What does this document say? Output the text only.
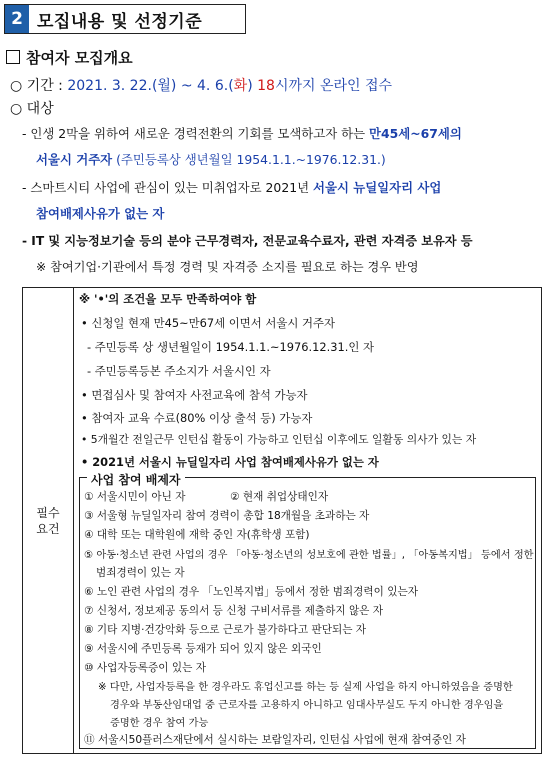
2 모집내용 및 선정기준
참여자 모집개요
○ 기간 : 2021. 3. 22.(월) ~ 4. 6.(화) 18시까지 온라인 접수
○ 대상
- 인생 2막을 위하여 새로운 경력전환의 기회를 모색하고자 하는 만45세~67세의
서울시 거주자 (주민등록상 생년월일 1954.1.1.~1976.12.31.)
- 스마트시티 사업에 관심이 있는 미취업자로 2021년 서울시 뉴딜일자리 사업
참여배제사유가 없는 자
- IT 및 지능정보기술 등의 분야 근무경력자, 전문교육수료자, 관련 자격증 보유자 등
※ 참여기업·기관에서 특정 경력 및 자격증 소지를 필요로 하는 경우 반영
필수
요건
※ '•'의 조건을 모두 만족하여야 함
• 신청일 현재 만45~만67세 이면서 서울시 거주자
- 주민등록 상 생년월일이 1954.1.1.~1976.12.31.인 자
- 주민등록등본 주소지가 서울시인 자
• 면접심사 및 참여자 사전교육에 참석 가능자
• 참여자 교육 수료(80% 이상 출석 등) 가능자
• 5개월간 전일근무 인턴십 활동이 가능하고 인턴십 이후에도 일활동 의사가 있는 자
• 2021년 서울시 뉴딜일자리 사업 참여배제사유가 없는 자
① 서울시민이 아닌 자	② 현재 취업상태인자
③ 서울형 뉴딜일자리 참여 경력이 총합 18개월을 초과하는 자
④ 대학 또는 대학원에 재학 중인 자(휴학생 포함)
⑤ 아동·청소년 관련 사업의 경우 「아동·청소년의 성보호에 관한 법률」, 「아동복지법」 등에서 정한
범죄경력이 있는 자
⑥ 노인 관련 사업의 경우 「노인복지법」등에서 정한 범죄경력이 있는자
⑦ 신청서, 정보제공 동의서 등 신청 구비서류를 제출하지 않은 자
⑧ 기타 지병·건강악화 등으로 근로가 불가하다고 판단되는 자
⑨ 서울시에 주민등록 등재가 되어 있지 않은 외국인
⑩ 사업자등록증이 있는 자
※ 다만, 사업자등록을 한 경우라도 휴업신고를 하는 등 실제 사업을 하지 아니하였음을 증명한
경우와 부동산임대업 중 근로자를 고용하지 아니하고 임대사무실도 두지 아니한 경우임을
증명한 경우 참여 가능
⑪ 서울시50플러스재단에서 실시하는 보람일자리, 인턴십 사업에 현재 참여중인 자
사업 참여 배제자
